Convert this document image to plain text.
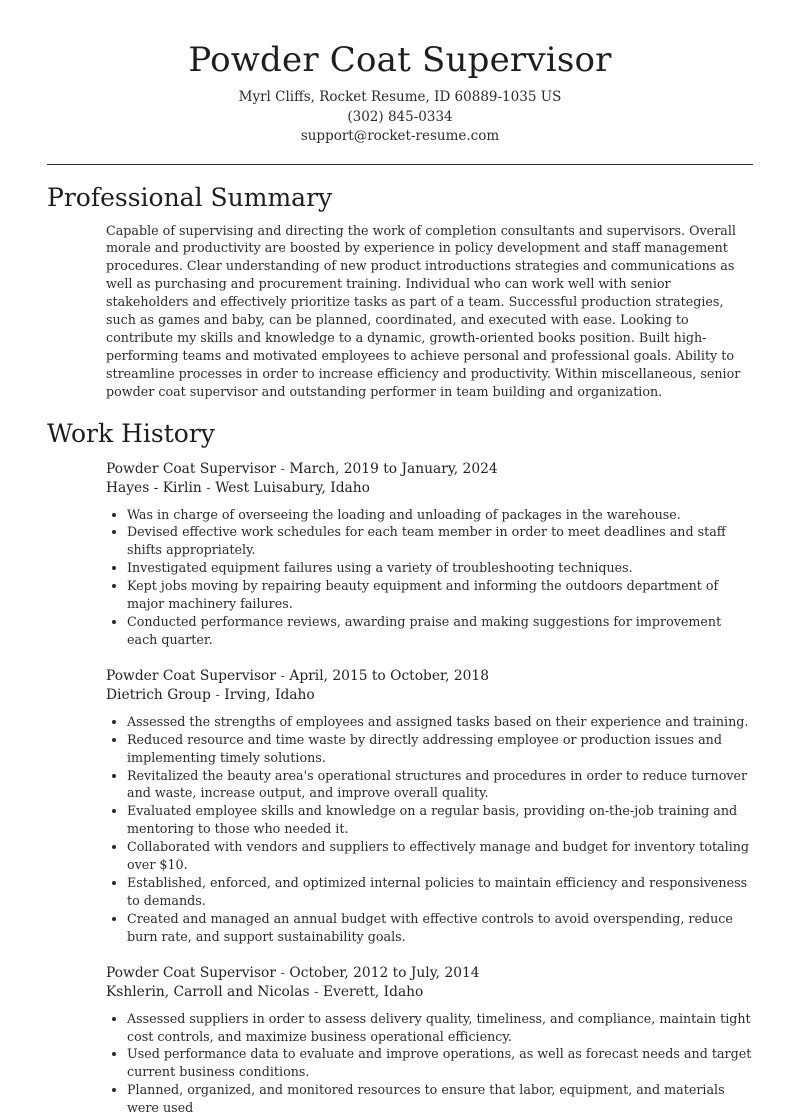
Powder Coat Supervisor
Myrl Cliffs, Rocket Resume, ID 60889-1035 US
(302) 845-0334
support@rocket-resume.com
Professional Summary
Capable of supervising and directing the work of completion consultants and supervisors. Overall morale and productivity are boosted by experience in policy development and staff management procedures. Clear understanding of new product introductions strategies and communications as well as purchasing and procurement training. Individual who can work well with senior stakeholders and effectively prioritize tasks as part of a team. Successful production strategies, such as games and baby, can be planned, coordinated, and executed with ease. Looking to contribute my skills and knowledge to a dynamic, growth-oriented books position. Built high-performing teams and motivated employees to achieve personal and professional goals. Ability to streamline processes in order to increase efficiency and productivity. Within miscellaneous, senior powder coat supervisor and outstanding performer in team building and organization.
Work History
Powder Coat Supervisor - March, 2019 to January, 2024
Hayes - Kirlin - West Luisabury, Idaho
• Was in charge of overseeing the loading and unloading of packages in the warehouse.
• Devised effective work schedules for each team member in order to meet deadlines and staff shifts appropriately.
• Investigated equipment failures using a variety of troubleshooting techniques.
• Kept jobs moving by repairing beauty equipment and informing the outdoors department of major machinery failures.
• Conducted performance reviews, awarding praise and making suggestions for improvement each quarter.
Powder Coat Supervisor - April, 2015 to October, 2018
Dietrich Group - Irving, Idaho
• Assessed the strengths of employees and assigned tasks based on their experience and training.
• Reduced resource and time waste by directly addressing employee or production issues and implementing timely solutions.
• Revitalized the beauty area's operational structures and procedures in order to reduce turnover and waste, increase output, and improve overall quality.
• Evaluated employee skills and knowledge on a regular basis, providing on-the-job training and mentoring to those who needed it.
• Collaborated with vendors and suppliers to effectively manage and budget for inventory totaling over $10.
• Established, enforced, and optimized internal policies to maintain efficiency and responsiveness to demands.
• Created and managed an annual budget with effective controls to avoid overspending, reduce burn rate, and support sustainability goals.
Powder Coat Supervisor - October, 2012 to July, 2014
Kshlerin, Carroll and Nicolas - Everett, Idaho
• Assessed suppliers in order to assess delivery quality, timeliness, and compliance, maintain tight cost controls, and maximize business operational efficiency.
• Used performance data to evaluate and improve operations, as well as forecast needs and target current business conditions.
• Planned, organized, and monitored resources to ensure that labor, equipment, and materials were used
